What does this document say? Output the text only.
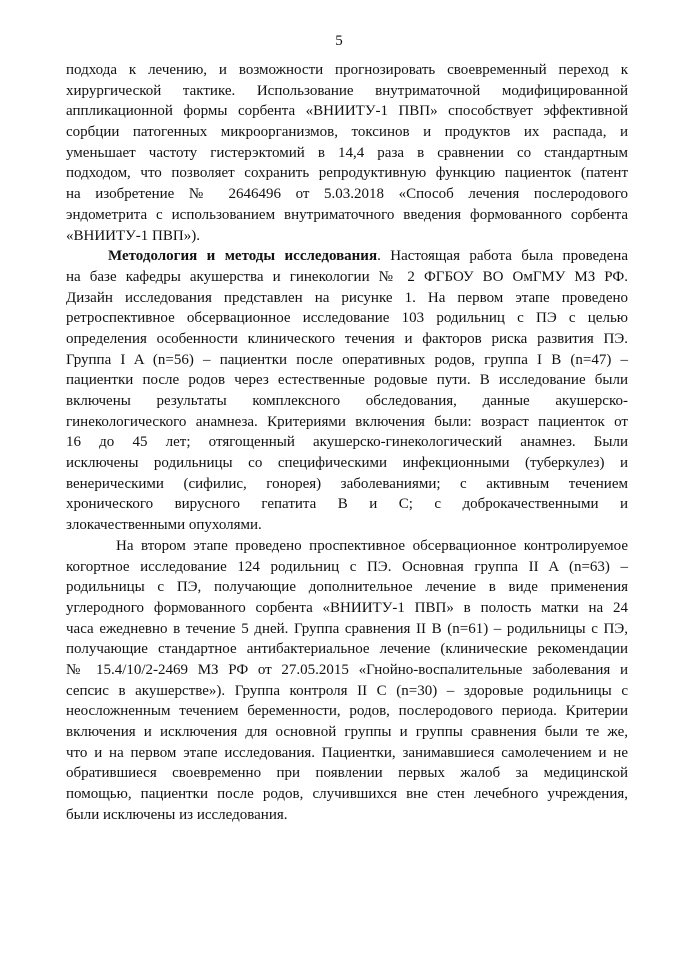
5
подхода к лечению, и возможности прогнозировать своевременный переход к
хирургической тактике. Использование внутриматочной модифицированной
аппликационной формы сорбента «ВНИИТУ-1 ПВП» способствует эффективной
сорбции патогенных микроорганизмов, токсинов и продуктов их распада, и
уменьшает частоту гистерэктомий в 14,4 раза в сравнении со стандартным
подходом, что позволяет сохранить репродуктивную функцию пациенток (патент
на изобретение № 2646496 от 5.03.2018 «Способ лечения послеродового
эндометрита с использованием внутриматочного введения формованного сорбента
«ВНИИТУ-1 ПВП»).
Методология и методы исследования. Настоящая работа была проведена
на базе кафедры акушерства и гинекологии № 2 ФГБОУ ВО ОмГМУ МЗ РФ.
Дизайн исследования представлен на рисунке 1. На первом этапе проведено
ретроспективное обсервационное исследование 103 родильниц с ПЭ с целью
определения особенности клинического течения и факторов риска развития ПЭ.
Группа I A (n=56) – пациентки после оперативных родов, группа I B (n=47) –
пациентки после родов через естественные родовые пути. В исследование были
включены результаты комплексного обследования, данные акушерско-
гинекологического анамнеза. Критериями включения были: возраст пациенток от
16 до 45 лет; отягощенный акушерско-гинекологический анамнез. Были
исключены родильницы со специфическими инфекционными (туберкулез) и
венерическими (сифилис, гонорея) заболеваниями; с активным течением
хронического вирусного гепатита В и С; с доброкачественными и
злокачественными опухолями.
На втором этапе проведено проспективное обсервационное контролируемое
когортное исследование 124 родильниц с ПЭ. Основная группа II A (n=63) –
родильницы с ПЭ, получающие дополнительное лечение в виде применения
углеродного формованного сорбента «ВНИИТУ-1 ПВП» в полость матки на 24
часа ежедневно в течение 5 дней. Группа сравнения II B (n=61) – родильницы с ПЭ,
получающие стандартное антибактериальное лечение (клинические рекомендации
№ 15.4/10/2-2469 МЗ РФ от 27.05.2015 «Гнойно-воспалительные заболевания и
сепсис в акушерстве»). Группа контроля II C (n=30) – здоровые родильницы с
неосложненным течением беременности, родов, послеродового периода. Критерии
включения и исключения для основной группы и группы сравнения были те же,
что и на первом этапе исследования. Пациентки, занимавшиеся самолечением и не
обратившиеся своевременно при появлении первых жалоб за медицинской
помощью, пациентки после родов, случившихся вне стен лечебного учреждения,
были исключены из исследования.
